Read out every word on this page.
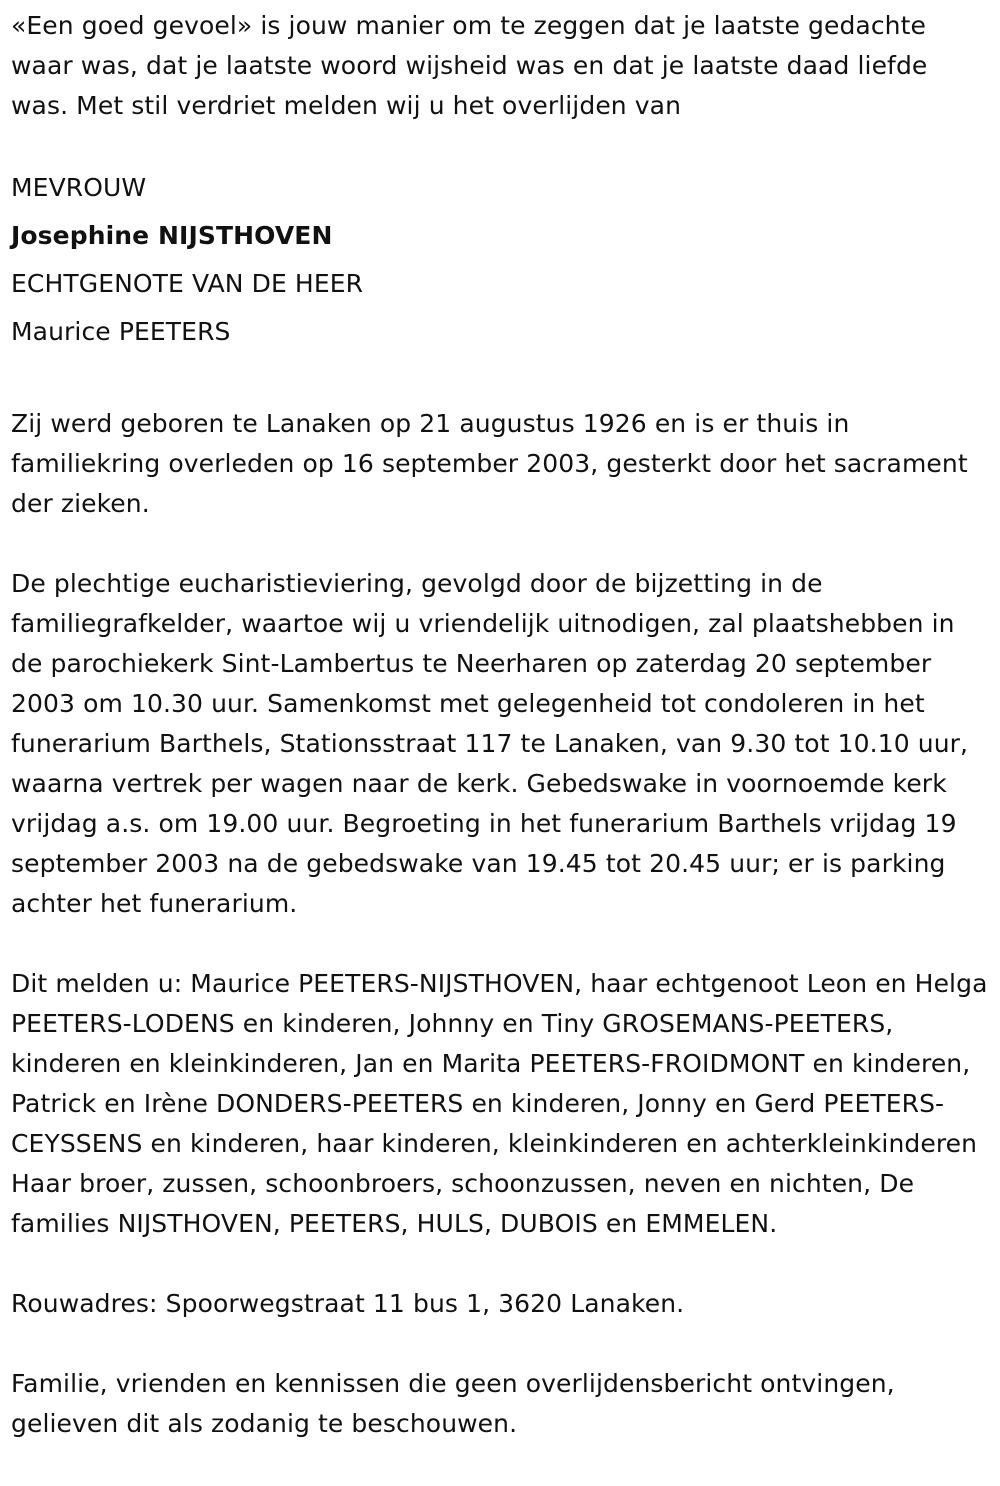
«Een goed gevoel» is jouw manier om te zeggen dat je laatste gedachte waar was, dat je laatste woord wijsheid was en dat je laatste daad liefde was. Met stil verdriet melden wij u het overlijden van

MEVROUW

Josephine NIJSTHOVEN

ECHTGENOTE VAN DE HEER

Maurice PEETERS

Zij werd geboren te Lanaken op 21 augustus 1926 en is er thuis in familiekring overleden op 16 september 2003, gesterkt door het sacrament der zieken.

De plechtige eucharistieviering, gevolgd door de bijzetting in de familiegrafkelder, waartoe wij u vriendelijk uitnodigen, zal plaatshebben in de parochiekerk Sint-Lambertus te Neerharen op zaterdag 20 september 2003 om 10.30 uur. Samenkomst met gelegenheid tot condoleren in het funerarium Barthels, Stationsstraat 117 te Lanaken, van 9.30 tot 10.10 uur, waarna vertrek per wagen naar de kerk. Gebedswake in voornoemde kerk vrijdag a.s. om 19.00 uur. Begroeting in het funerarium Barthels vrijdag 19 september 2003 na de gebedswake van 19.45 tot 20.45 uur; er is parking achter het funerarium.

Dit melden u: Maurice PEETERS-NIJSTHOVEN, haar echtgenoot Leon en Helga PEETERS-LODENS en kinderen, Johnny en Tiny GROSEMANS-PEETERS, kinderen en kleinkinderen, Jan en Marita PEETERS-FROIDMONT en kinderen, Patrick en Irène DONDERS-PEETERS en kinderen, Jonny en Gerd PEETERS-CEYSSENS en kinderen, haar kinderen, kleinkinderen en achterkleinkinderen Haar broer, zussen, schoonbroers, schoonzussen, neven en nichten, De families NIJSTHOVEN, PEETERS, HULS, DUBOIS en EMMELEN.

Rouwadres: Spoorwegstraat 11 bus 1, 3620 Lanaken.

Familie, vrienden en kennissen die geen overlijdensbericht ontvingen, gelieven dit als zodanig te beschouwen.
